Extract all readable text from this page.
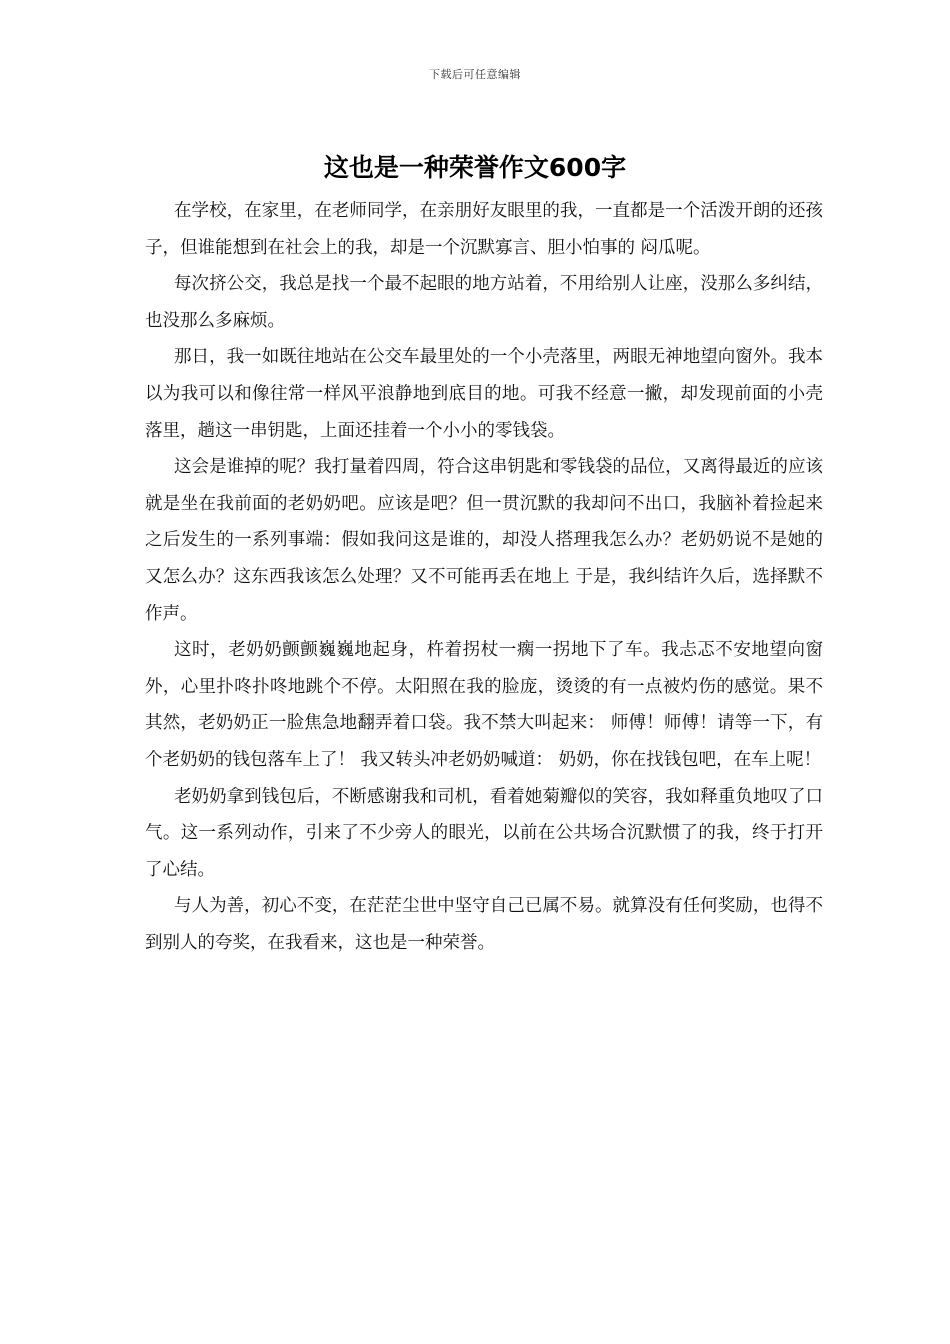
下载后可任意编辑
这也是一种荣誉作文600字

在学校，在家里，在老师同学，在亲朋好友眼里的我，一直都是一个活泼开朗的还孩子，但谁能想到在社会上的我，却是一个沉默寡言、胆小怕事的 闷瓜呢。

每次挤公交，我总是找一个最不起眼的地方站着，不用给别人让座，没那么多纠结，也没那么多麻烦。

那日，我一如既往地站在公交车最里处的一个小壳落里，两眼无神地望向窗外。我本以为我可以和像往常一样风平浪静地到底目的地。可我不经意一撇，却发现前面的小壳落里，趟这一串钥匙，上面还挂着一个小小的零钱袋。

这会是谁掉的呢？我打量着四周，符合这串钥匙和零钱袋的品位，又离得最近的应该就是坐在我前面的老奶奶吧。应该是吧？但一贯沉默的我却问不出口，我脑补着捡起来之后发生的一系列事端：假如我问这是谁的，却没人搭理我怎么办？老奶奶说不是她的又怎么办？这东西我该怎么处理？又不可能再丢在地上 于是，我纠结许久后，选择默不作声。

这时，老奶奶颤颤巍巍地起身，杵着拐杖一瘸一拐地下了车。我忐忑不安地望向窗外，心里扑咚扑咚地跳个不停。太阳照在我的脸庞，烫烫的有一点被灼伤的感觉。果不其然，老奶奶正一脸焦急地翻弄着口袋。我不禁大叫起来： 师傅！师傅！请等一下，有个老奶奶的钱包落车上了！ 我又转头冲老奶奶喊道： 奶奶，你在找钱包吧，在车上呢！

老奶奶拿到钱包后，不断感谢我和司机，看着她菊瓣似的笑容，我如释重负地叹了口气。这一系列动作，引来了不少旁人的眼光，以前在公共场合沉默惯了的我，终于打开了心结。

与人为善，初心不变，在茫茫尘世中坚守自己已属不易。就算没有任何奖励，也得不到别人的夸奖，在我看来，这也是一种荣誉。
